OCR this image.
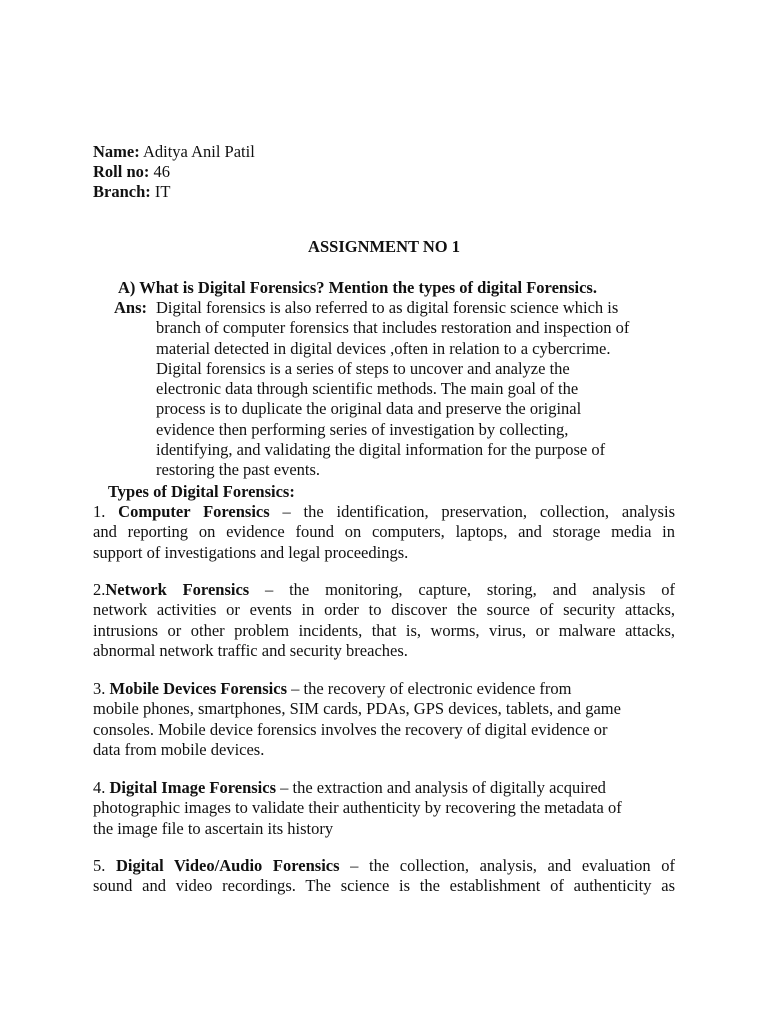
Name: Aditya Anil Patil
Roll no: 46
Branch: IT
ASSIGNMENT NO 1
A) What is Digital Forensics? Mention the types of digital Forensics.
Ans: Digital forensics is also referred to as digital forensic science which is
branch of computer forensics that includes restoration and inspection of
material detected in digital devices ,often in relation to a cybercrime.
Digital forensics is a series of steps to uncover and analyze the
electronic data through scientific methods. The main goal of the
process is to duplicate the original data and preserve the original
evidence then performing series of investigation by collecting,
identifying, and validating the digital information for the purpose of
restoring the past events.
Types of Digital Forensics:
1. Computer Forensics – the identification, preservation, collection, analysis
and reporting on evidence found on computers, laptops, and storage media in
support of investigations and legal proceedings.
2.Network Forensics – the monitoring, capture, storing, and analysis of
network activities or events in order to discover the source of security attacks,
intrusions or other problem incidents, that is, worms, virus, or malware attacks,
abnormal network traffic and security breaches.
3. Mobile Devices Forensics – the recovery of electronic evidence from
mobile phones, smartphones, SIM cards, PDAs, GPS devices, tablets, and game
consoles. Mobile device forensics involves the recovery of digital evidence or
data from mobile devices.
4. Digital Image Forensics – the extraction and analysis of digitally acquired
photographic images to validate their authenticity by recovering the metadata of
the image file to ascertain its history
5. Digital Video/Audio Forensics – the collection, analysis, and evaluation of
sound and video recordings. The science is the establishment of authenticity as
